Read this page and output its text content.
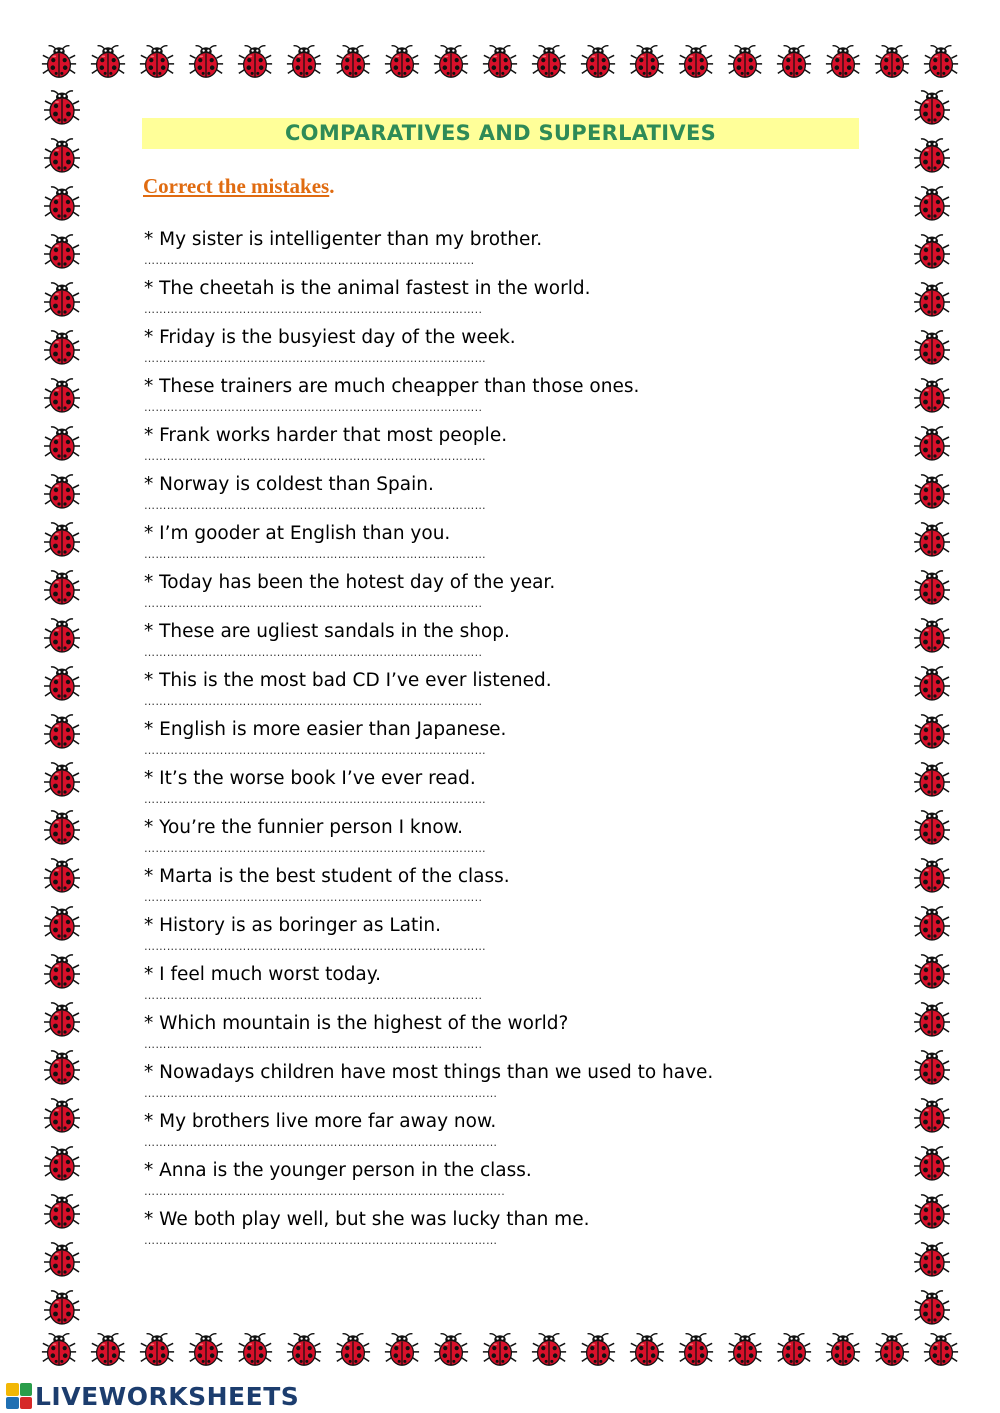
COMPARATIVES AND SUPERLATIVES
Correct the mistakes.
* My sister is intelligenter than my brother.
……………………………………………………………………………
* The cheetah is the animal fastest in the world.
……………………………………………………………………………..
* Friday is the busyiest day of the week.
………………………………………………………………………………
* These trainers are much cheapper than those ones.
……………………………………………………………………………..
* Frank works harder that most people.
………………………………………………………………………………
* Norway is coldest than Spain.
………………………………………………………………………………
* I’m gooder at English than you.
………………………………………………………………………………
* Today has been the hotest day of the year.
……………………………………………………………………………..
* These are ugliest sandals in the shop.
……………………………………………………………………………..
* This is the most bad CD I’ve ever listened.
……………………………………………………………………………..
* English is more easier than Japanese.
………………………………………………………………………………
* It’s the worse book I’ve ever read.
………………………………………………………………………………
* You’re the funnier person I know.
………………………………………………………………………………
* Marta is the best student of the class.
……………………………………………………………………………..
* History is as boringer as Latin.
………………………………………………………………………………
* I feel much worst today.
……………………………………………………………………………..
* Which mountain is the highest of the world?
……………………………………………………………………………..
* Nowadays children have most things than we used to have.
…………………………………………………………………………………
* My brothers live more far away now.
…………………………………………………………………………………
* Anna is the younger person in the class.
…………………………………………………………………………………..
* We both play well, but she was lucky than me.
…………………………………………………………………………………
LIVEWORKSHEETS
